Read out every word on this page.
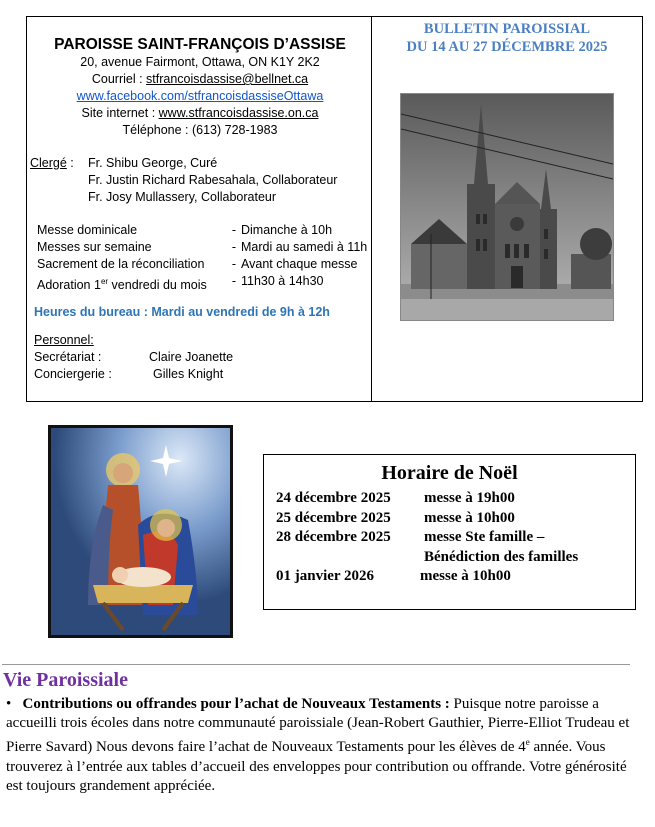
PAROISSE SAINT-FRANÇOIS D’ASSISE
20, avenue Fairmont, Ottawa, ON K1Y 2K2
Courriel : stfrancoisdassise@bellnet.ca
www.facebook.com/stfrancoisdassiseOttawa
Site internet : www.stfrancoisdassise.on.ca
Téléphone : (613) 728-1983
Clergé :	Fr. Shibu George, Curé
Fr. Justin Richard Rabesahala, Collaborateur
Fr. Josy Mullassery, Collaborateur
Messe dominicale	- Dimanche à 10h
Messes sur semaine	- Mardi au samedi à 11h
Sacrement de la réconciliation	- Avant chaque messe
Adoration 1er vendredi du mois	- 11h30 à 14h30
Heures du bureau : Mardi au vendredi de 9h à 12h
Personnel:
Secrétariat :	Claire Joanette
Conciergerie :	Gilles Knight
BULLETIN PAROISSIAL
DU 14 AU 27 DÉCEMBRE 2025
Horaire de Noël
24 décembre 2025	messe à 19h00
25 décembre 2025	messe à 10h00
28 décembre 2025	messe Ste famille –
Bénédiction des familles
01 janvier 2026	messe à 10h00
Vie Paroissiale
• Contributions ou offrandes pour l’achat de Nouveaux Testaments : Puisque notre paroisse a accueilli trois écoles dans notre communauté paroissiale (Jean-Robert Gauthier, Pierre-Elliot Trudeau et Pierre Savard) Nous devons faire l’achat de Nouveaux Testaments pour les élèves de 4e année. Vous trouverez à l’entrée aux tables d’accueil des enveloppes pour contribution ou offrande. Votre générosité est toujours grandement appréciée.
